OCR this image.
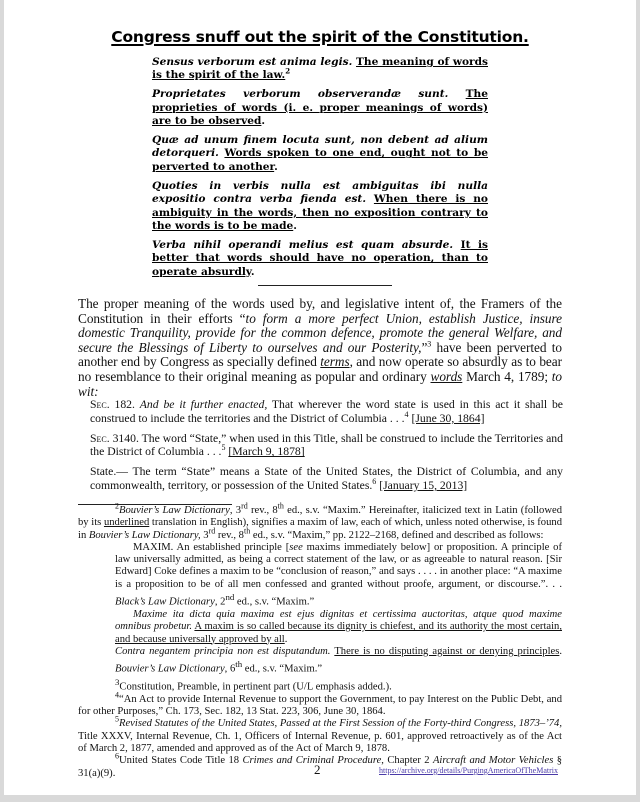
Congress snuff out the spirit of the Constitution.
Sensus verborum est anima legis. The meaning of words is the spirit of the law.$^2$
Proprietates verborum observerandæ sunt. The proprieties of words (i. e. proper meanings of words) are to be observed.
Quæ ad unum finem locuta sunt, non debent ad alium detorqueri. Words spoken to one end, ought not to be perverted to another.
Quoties in verbis nulla est ambiguitas ibi nulla expositio contra verba fienda est. When there is no ambiguity in the words, then no exposition contrary to the words is to be made.
Verba nihil operandi melius est quam absurde. It is better that words should have no operation, than to operate absurdly.
The proper meaning of the words used by, and legislative intent of, the Framers of the Constitution in their efforts “to form a more perfect Union, establish Justice, insure domestic Tranquility, provide for the common defence, promote the general Welfare, and secure the Blessings of Liberty to ourselves and our Posterity,”$^3$ have been perverted to another end by Congress as specially defined terms, and now operate so absurdly as to bear no resemblance to their original meaning as popular and ordinary words March 4, 1789; to wit:
Sec. 182. And be it further enacted, That wherever the word state is used in this act it shall be construed to include the territories and the District of Columbia . . .$^4$ [June 30, 1864]
Sec. 3140. The word “State,” when used in this Title, shall be construed to include the Territories and the District of Columbia . . .$^5$ [March 9, 1878]
State.— The term “State” means a State of the United States, the District of Columbia, and any commonwealth, territory, or possession of the United States.$^6$ [January 15, 2013]
$^2$Bouvier’s Law Dictionary, 3rd rev., 8th ed., s.v. “Maxim.” Hereinafter, italicized text in Latin (followed by its underlined translation in English), signifies a maxim of law, each of which, unless noted otherwise, is found in Bouvier’s Law Dictionary, 3rd rev., 8th ed., s.v. “Maxim,” pp. 2122–2168, defined and described as follows:
MAXIM. An established principle [see maxims immediately below] or proposition. A principle of law universally admitted, as being a correct statement of the law, or as agreeable to natural reason. [Sir Edward] Coke defines a maxim to be “conclusion of reason,” and says . . . . in another place: “A maxime is a proposition to be of all men confessed and granted without proofe, argument, or discourse.”. . . Black’s Law Dictionary, 2nd ed., s.v. “Maxim.”
Maxime ita dicta quia maxima est ejus dignitas et certissima auctoritas, atque quod maxime omnibus probetur. A maxim is so called because its dignity is chiefest, and its authority the most certain, and because universally approved by all.
Contra negantem principia non est disputandum. There is no disputing against or denying principles. Bouvier’s Law Dictionary, 6th ed., s.v. “Maxim.”
$^3$Constitution, Preamble, in pertinent part (U/L emphasis added.).
$^4$“An Act to provide Internal Revenue to support the Government, to pay Interest on the Public Debt, and for other Purposes,” Ch. 173, Sec. 182, 13 Stat. 223, 306, June 30, 1864.
$^5$Revised Statutes of the United States, Passed at the First Session of the Forty-third Congress, 1873–’74, Title XXXV, Internal Revenue, Ch. 1, Officers of Internal Revenue, p. 601, approved retroactively as of the Act of March 2, 1877, amended and approved as of the Act of March 9, 1878.
$^6$United States Code Title 18 Crimes and Criminal Procedure, Chapter 2 Aircraft and Motor Vehicles § 31(a)(9).	2	https://archive.org/details/PurgingAmericaOfTheMatrix
